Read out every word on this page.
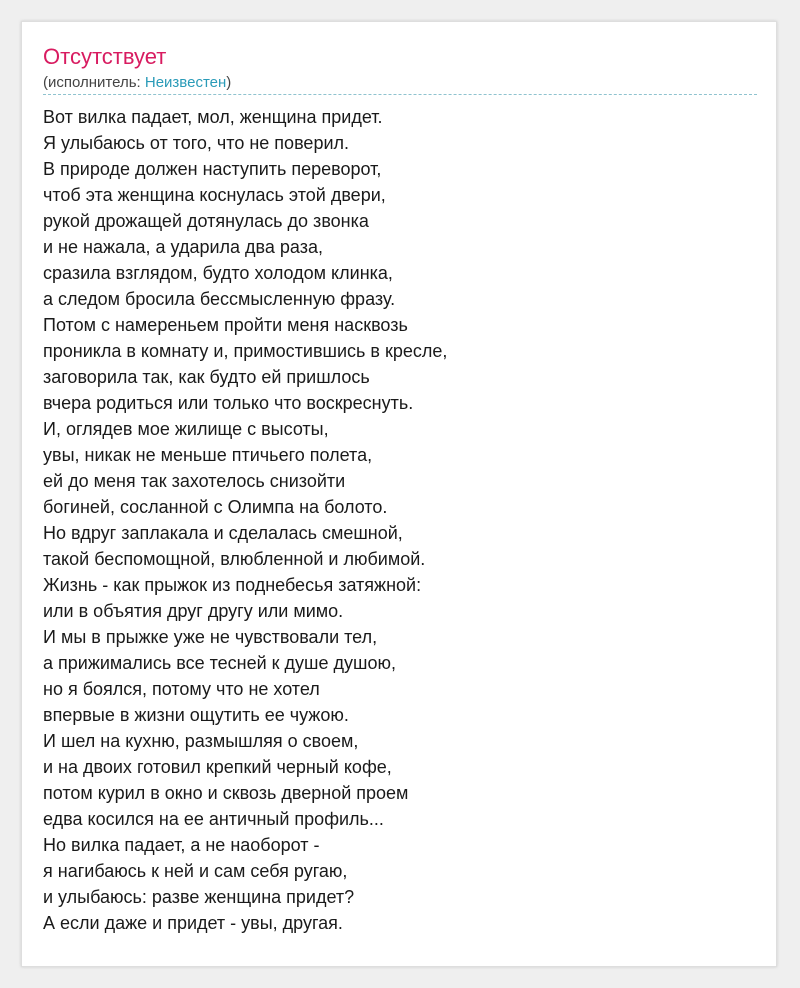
Отсутствует
(исполнитель: Неизвестен)
Вот вилка падает, мол, женщина придет.
Я улыбаюсь от того, что не поверил.
В природе должен наступить переворот,
чтоб эта женщина коснулась этой двери,
рукой дрожащей дотянулась до звонка
и не нажала, а ударила два раза,
сразила взглядом, будто холодом клинка,
а следом бросила бессмысленную фразу.
Потом с намереньем пройти меня насквозь
проникла в комнату и, примостившись в кресле,
заговорила так, как будто ей пришлось
вчера родиться или только что воскреснуть.
И, оглядев мое жилище с высоты,
увы, никак не меньше птичьего полета,
ей до меня так захотелось снизойти
богиней, сосланной с Олимпа на болото.
Но вдруг заплакала и сделалась смешной,
такой беспомощной, влюбленной и любимой.
Жизнь - как прыжок из поднебесья затяжной:
или в объятия друг другу или мимо.
И мы в прыжке уже не чувствовали тел,
а прижимались все тесней к душе душою,
но я боялся, потому что не хотел
впервые в жизни ощутить ее чужою.
И шел на кухню, размышляя о своем,
и на двоих готовил крепкий черный кофе,
потом курил в окно и сквозь дверной проем
едва косился на ее античный профиль...
Но вилка падает, а не наоборот -
я нагибаюсь к ней и сам себя ругаю,
и улыбаюсь: разве женщина придет?
А если даже и придет - увы, другая.
